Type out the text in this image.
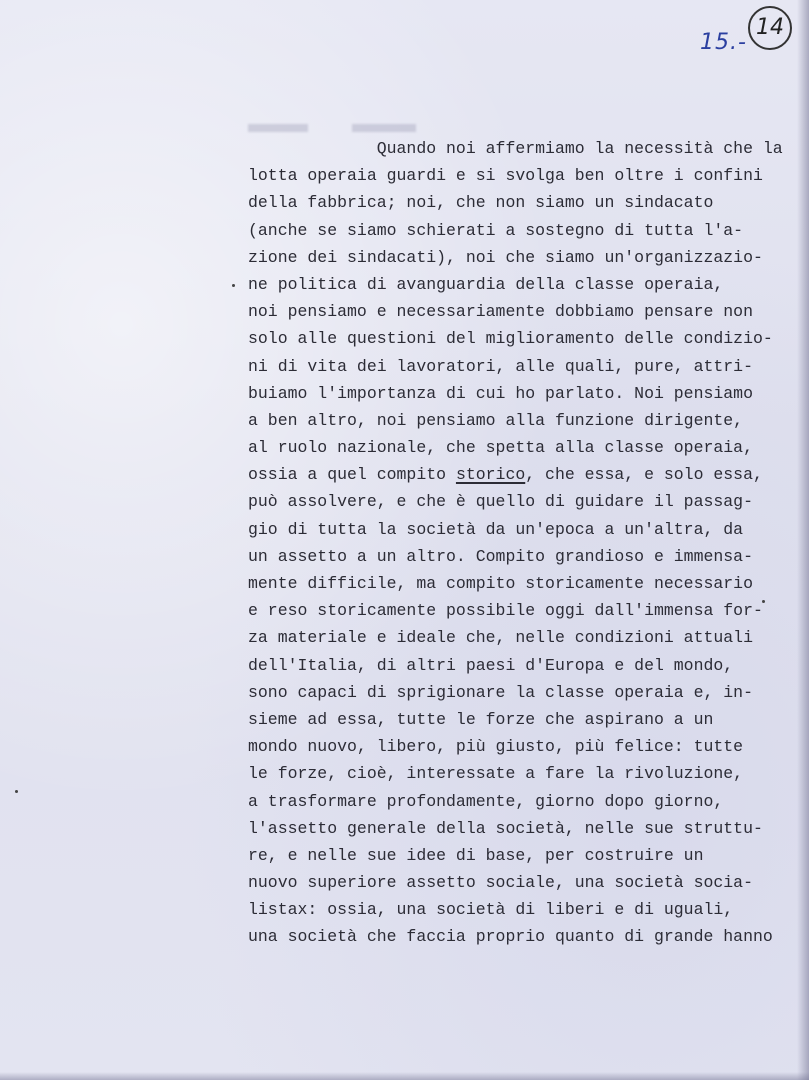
15.-
14
Quando noi affermiamo la necessità che la
lotta operaia guardi e si svolga ben oltre i confini
della fabbrica; noi, che non siamo un sindacato
(anche se siamo schierati a sostegno di tutta l'a-
zione dei sindacati), noi che siamo un'organizzazio-
ne politica di avanguardia della classe operaia,
noi pensiamo e necessariamente dobbiamo pensare non
solo alle questioni del miglioramento delle condizio-
ni di vita dei lavoratori, alle quali, pure, attri-
buiamo l'importanza di cui ho parlato. Noi pensiamo
a ben altro, noi pensiamo alla funzione dirigente,
al ruolo nazionale, che spetta alla classe operaia,
ossia a quel compito storico, che essa, e solo essa,
può assolvere, e che è quello di guidare il passag-
gio di tutta la società da un'epoca a un'altra, da
un assetto a un altro. Compito grandioso e immensa-
mente difficile, ma compito storicamente necessario
e reso storicamente possibile oggi dall'immensa for-
za materiale e ideale che, nelle condizioni attuali
dell'Italia, di altri paesi d'Europa e del mondo,
sono capaci di sprigionare la classe operaia e, in-
sieme ad essa, tutte le forze che aspirano a un
mondo nuovo, libero, più giusto, più felice: tutte
le forze, cioè, interessate a fare la rivoluzione,
a trasformare profondamente, giorno dopo giorno,
l'assetto generale della società, nelle sue struttu-
re, e nelle sue idee di base, per costruire un
nuovo superiore assetto sociale, una società socia-
listax: ossia, una società di liberi e di uguali,
una società che faccia proprio quanto di grande hanno
